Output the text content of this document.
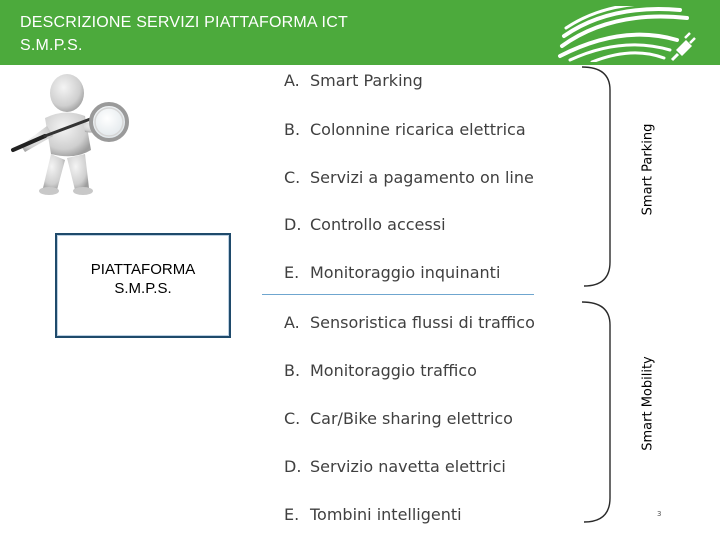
DESCRIZIONE SERVIZI PIATTAFORMA ICT
S.M.P.S.
PIATTAFORMA
S.M.P.S.
A. Smart Parking
B. Colonnine ricarica elettrica
C. Servizi a pagamento on line
D. Controllo accessi
E. Monitoraggio inquinanti
A. Sensoristica flussi di traffico
B. Monitoraggio traffico
C. Car/Bike sharing elettrico
D. Servizio navetta elettrici
E. Tombini intelligenti
Smart Parking
Smart Mobility
3
